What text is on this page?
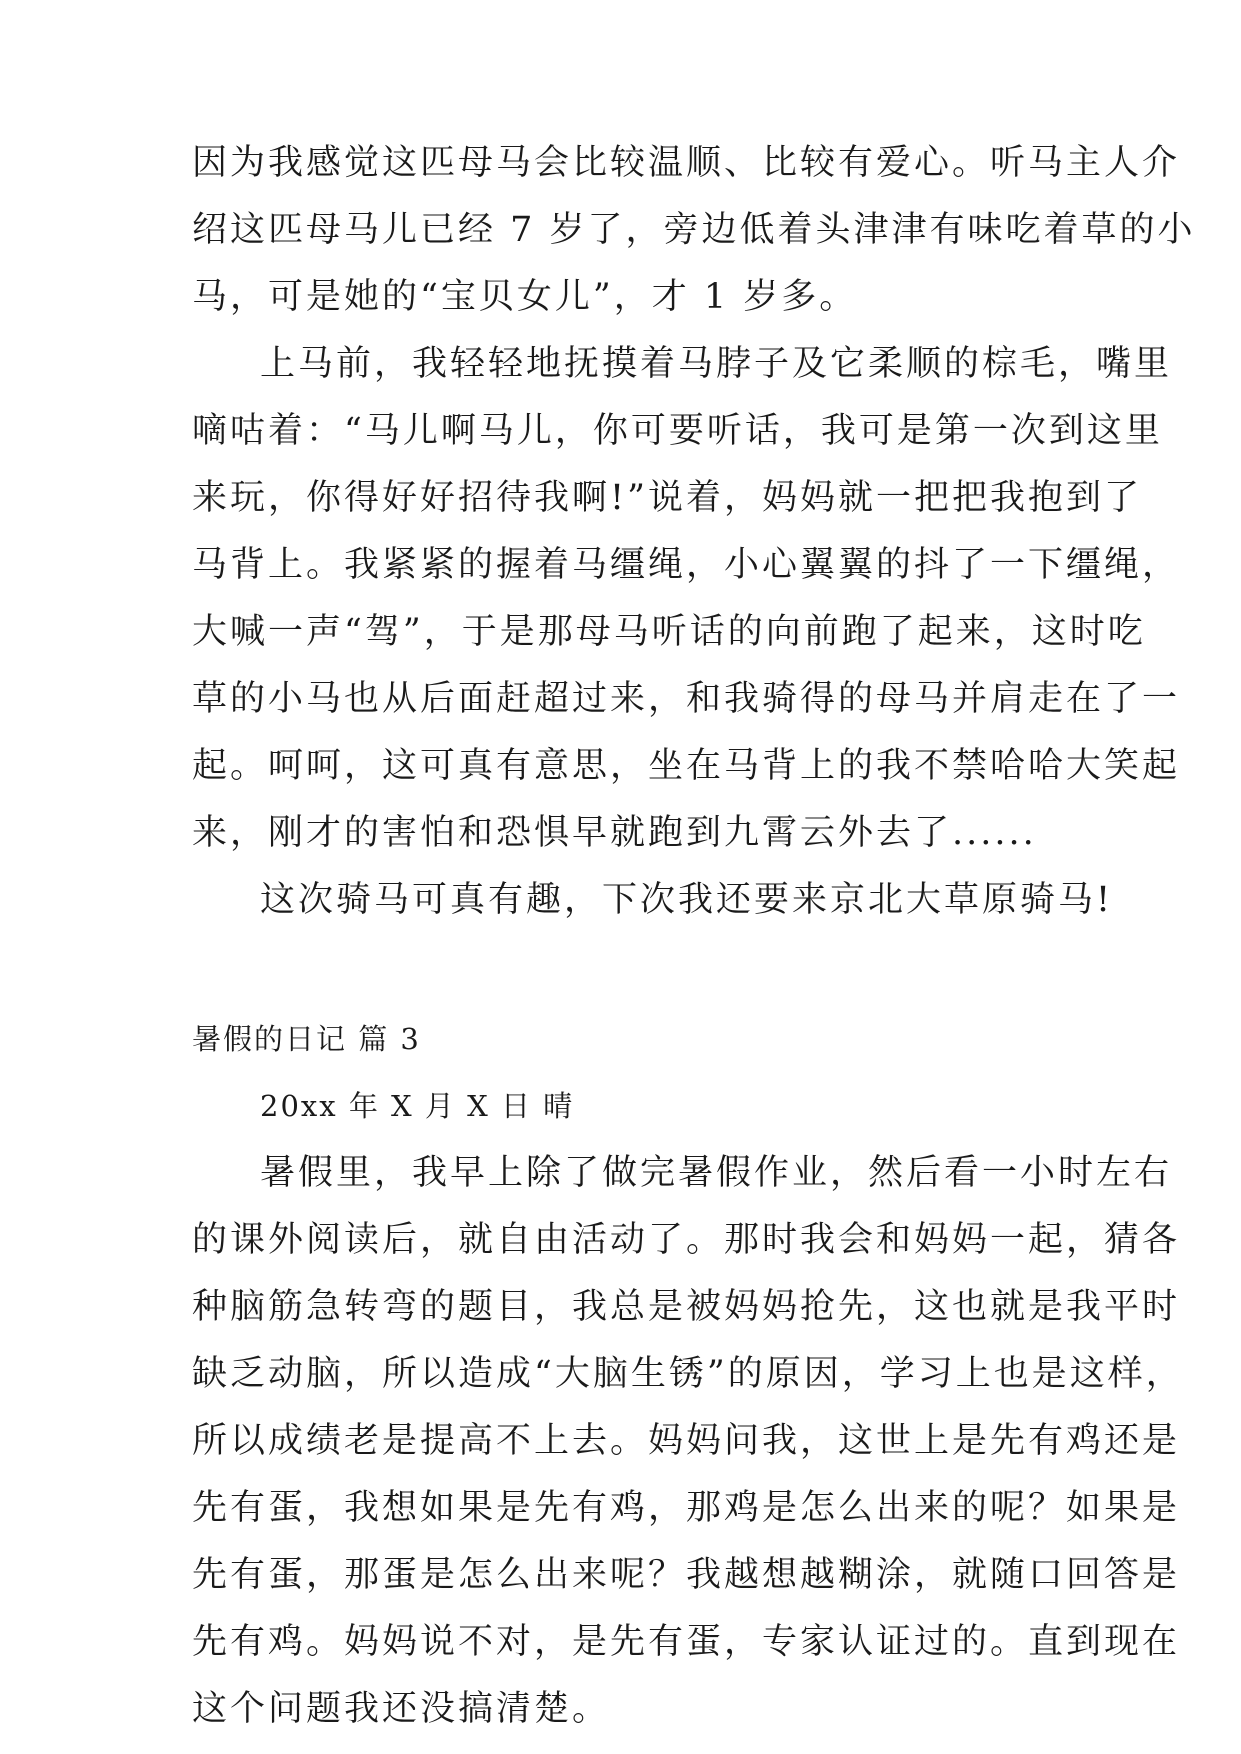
因为我感觉这匹母马会比较温顺、比较有爱心。听马主人介
绍这匹母马儿已经 7 岁了，旁边低着头津津有味吃着草的小
马，可是她的“宝贝女儿”，才 1 岁多。
上马前，我轻轻地抚摸着马脖子及它柔顺的棕毛，嘴里
嘀咕着：“马儿啊马儿，你可要听话，我可是第一次到这里
来玩，你得好好招待我啊!”说着，妈妈就一把把我抱到了
马背上。我紧紧的握着马缰绳，小心翼翼的抖了一下缰绳，
大喊一声“驾”，于是那母马听话的向前跑了起来，这时吃
草的小马也从后面赶超过来，和我骑得的母马并肩走在了一
起。呵呵，这可真有意思，坐在马背上的我不禁哈哈大笑起
来，刚才的害怕和恐惧早就跑到九霄云外去了......
这次骑马可真有趣，下次我还要来京北大草原骑马!
暑假的日记 篇 3
20xx 年 X 月 X 日 晴
暑假里，我早上除了做完暑假作业，然后看一小时左右
的课外阅读后，就自由活动了。那时我会和妈妈一起，猜各
种脑筋急转弯的题目，我总是被妈妈抢先，这也就是我平时
缺乏动脑，所以造成“大脑生锈”的原因，学习上也是这样，
所以成绩老是提高不上去。妈妈问我，这世上是先有鸡还是
先有蛋，我想如果是先有鸡，那鸡是怎么出来的呢？如果是
先有蛋，那蛋是怎么出来呢？我越想越糊涂，就随口回答是
先有鸡。妈妈说不对，是先有蛋，专家认证过的。直到现在
这个问题我还没搞清楚。
